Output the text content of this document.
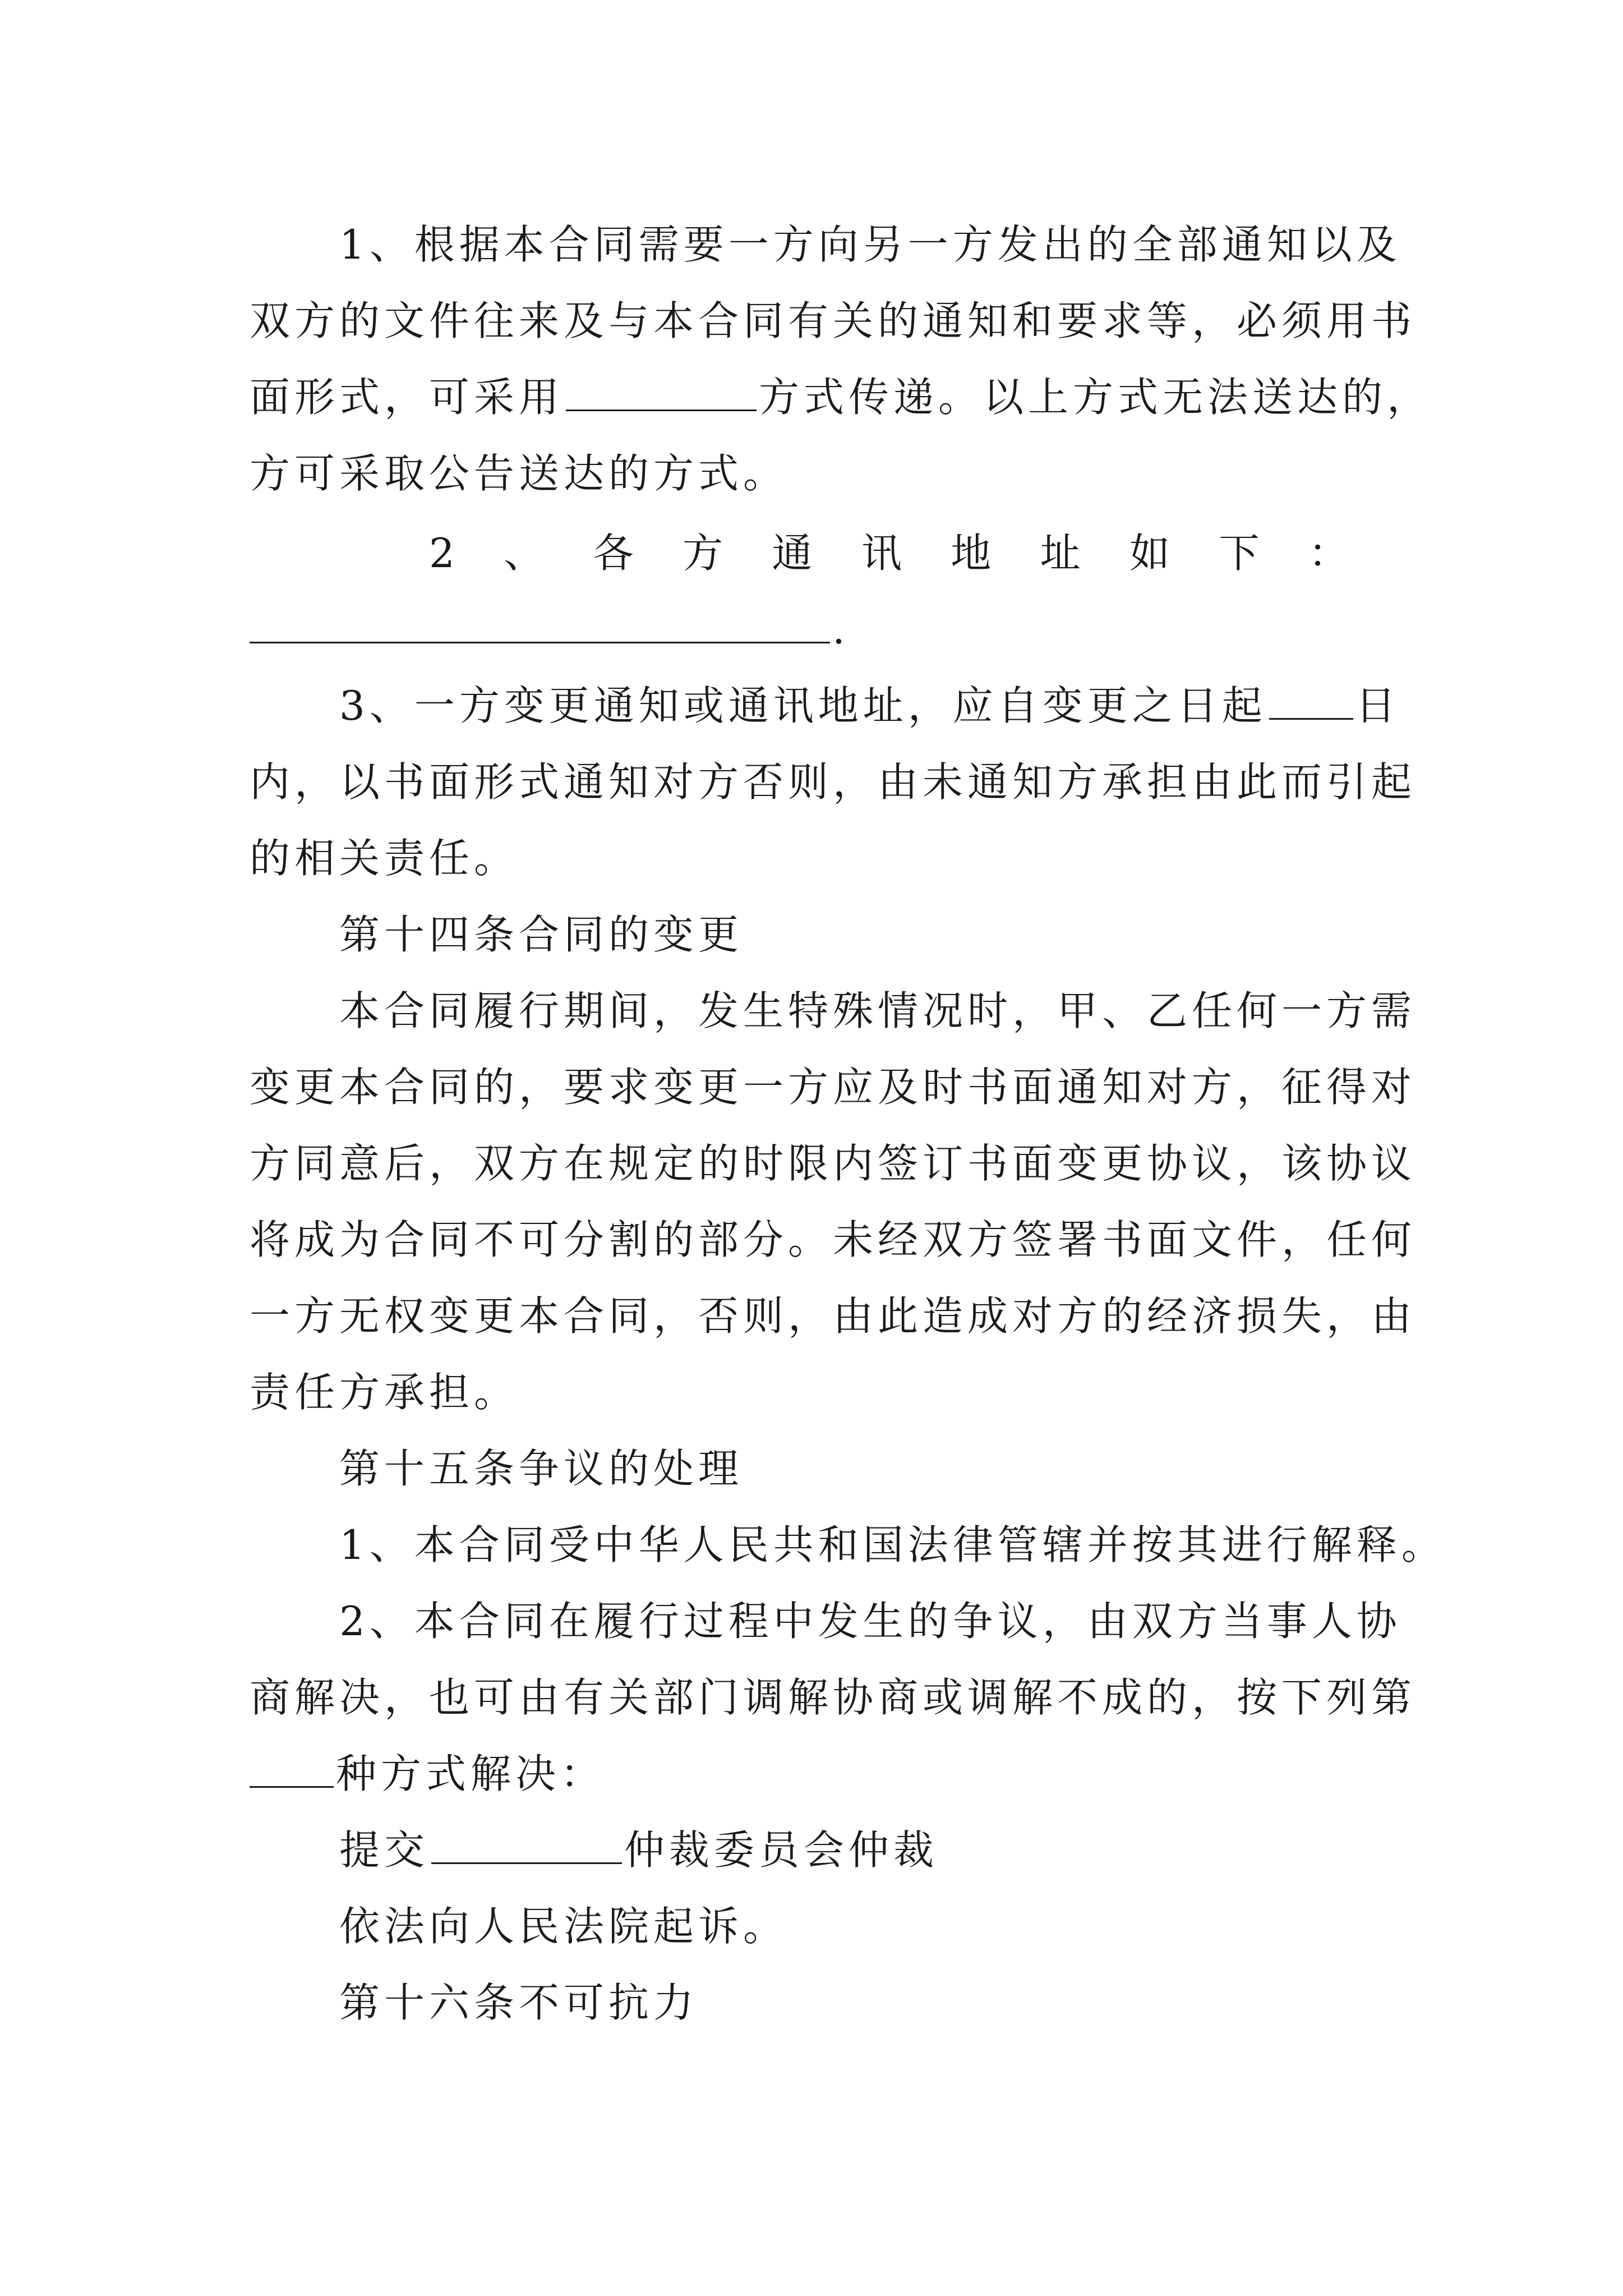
1、根据本合同需要一方向另一方发出的全部通知以及

双方的文件往来及与本合同有关的通知和要求等，必须用书

面形式，可采用	方式传递。以上方式无法送达的，

方可采取公告送达的方式。

2 、 各 方 通 讯 地 址 如 下 ：

.

3、一方变更通知或通讯地址，应自变更之日起 日

内，以书面形式通知对方否则，由未通知方承担由此而引起

的相关责任。

第十四条合同的变更

本合同履行期间，发生特殊情况时，甲、乙任何一方需

变更本合同的，要求变更一方应及时书面通知对方，征得对

方同意后，双方在规定的时限内签订书面变更协议，该协议

将成为合同不可分割的部分。未经双方签署书面文件，任何

一方无权变更本合同，否则，由此造成对方的经济损失，由

责任方承担。

第十五条争议的处理

1、本合同受中华人民共和国法律管辖并按其进行解释。

2、本合同在履行过程中发生的争议，由双方当事人协

商解决，也可由有关部门调解协商或调解不成的，按下列第

种方式解决：

提交	仲裁委员会仲裁

依法向人民法院起诉。

第十六条不可抗力
